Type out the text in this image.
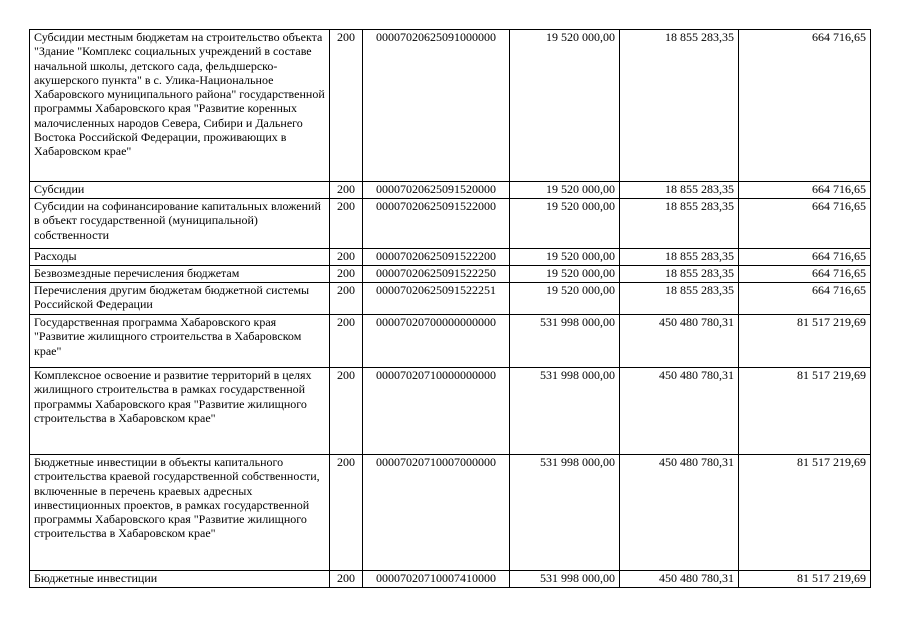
Субсидии местным бюджетам на строительство объекта "Здание "Комплекс социальных учреждений в составе начальной школы, детского сада, фельдшерско-акушерского пункта" в с. Улика-Национальное Хабаровского муниципального района" государственной программы Хабаровского края "Развитие коренных малочисленных народов Севера, Сибири и Дальнего Востока Российской Федерации, проживающих в Хабаровском крае"	200	00007020625091000000	19 520 000,00	18 855 283,35	664 716,65
Субсидии	200	00007020625091520000	19 520 000,00	18 855 283,35	664 716,65
Субсидии на софинансирование капитальных вложений в объект государственной (муниципальной) собственности	200	00007020625091522000	19 520 000,00	18 855 283,35	664 716,65
Расходы	200	00007020625091522200	19 520 000,00	18 855 283,35	664 716,65
Безвозмездные перечисления бюджетам	200	00007020625091522250	19 520 000,00	18 855 283,35	664 716,65
Перечисления другим бюджетам бюджетной системы Российской Федерации	200	00007020625091522251	19 520 000,00	18 855 283,35	664 716,65
Государственная программа Хабаровского края "Развитие жилищного строительства в Хабаровском крае"	200	00007020700000000000	531 998 000,00	450 480 780,31	81 517 219,69
Комплексное освоение и развитие территорий в целях жилищного строительства в рамках государственной программы Хабаровского края "Развитие жилищного строительства в Хабаровском крае"	200	00007020710000000000	531 998 000,00	450 480 780,31	81 517 219,69
Бюджетные инвестиции в объекты капитального строительства краевой государственной собственности, включенные в перечень краевых адресных инвестиционных проектов, в рамках государственной программы Хабаровского края "Развитие жилищного строительства в Хабаровском крае"	200	00007020710007000000	531 998 000,00	450 480 780,31	81 517 219,69
Бюджетные инвестиции	200	00007020710007410000	531 998 000,00	450 480 780,31	81 517 219,69
